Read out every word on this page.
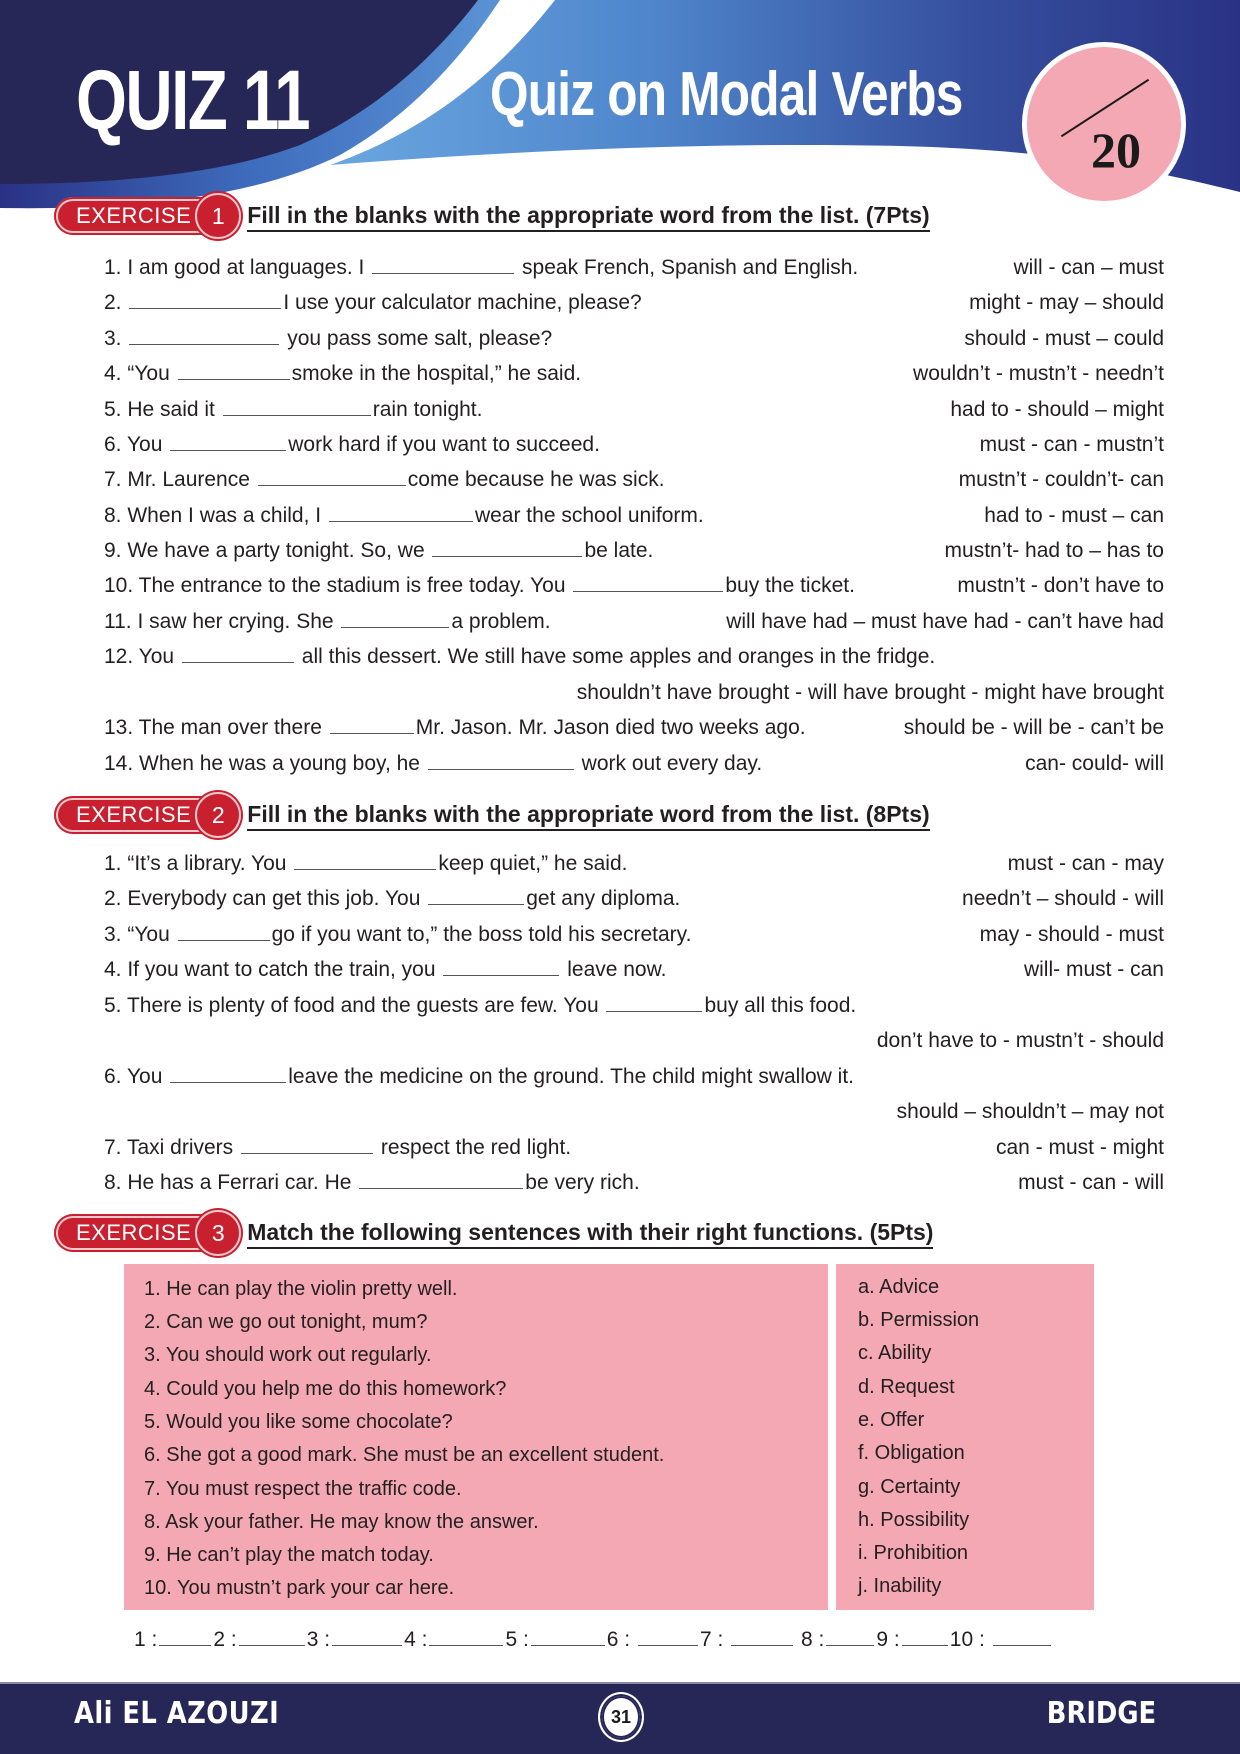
QUIZ 11	Quiz on Modal Verbs
20
EXERCISE 1 Fill in the blanks with the appropriate word from the list. (7Pts)
1. I am good at languages. I	speak French, Spanish and English.	will - can – must
2.	I use your calculator machine, please?	might - may – should
3.	you pass some salt, please?	should - must – could
4. “You	smoke in the hospital,” he said.	wouldn’t - mustn’t - needn’t
5. He said it	rain tonight.	had to - should – might
6. You	work hard if you want to succeed.	must - can - mustn’t
7. Mr. Laurence	come because he was sick.	mustn’t - couldn’t- can
8. When I was a child, I	wear the school uniform.	had to - must – can
9. We have a party tonight. So, we	be late.	mustn’t- had to – has to
10. The entrance to the stadium is free today. You	buy the ticket.	mustn’t - don’t have to
11. I saw her crying. She	a problem.	will have had – must have had - can’t have had
12. You	all this dessert. We still have some apples and oranges in the fridge.
shouldn’t have brought - will have brought - might have brought
13. The man over there	Mr. Jason. Mr. Jason died two weeks ago.	should be - will be - can’t be
14. When he was a young boy, he	work out every day.	can- could- will
EXERCISE 2 Fill in the blanks with the appropriate word from the list. (8Pts)
1. “It’s a library. You	keep quiet,” he said.	must - can - may
2. Everybody can get this job. You	get any diploma.	needn’t – should - will
3. “You	go if you want to,” the boss told his secretary.	may - should - must
4. If you want to catch the train, you	leave now.	will- must - can
5. There is plenty of food and the guests are few. You	buy all this food.
don’t have to - mustn’t - should
6. You	leave the medicine on the ground. The child might swallow it.
should – shouldn’t – may not
7. Taxi drivers	respect the red light.	can - must - might
8. He has a Ferrari car. He	be very rich.	must - can - will
EXERCISE 3 Match the following sentences with their right functions. (5Pts)
1. He can play the violin pretty well.
2. Can we go out tonight, mum?
3. You should work out regularly.
4. Could you help me do this homework?
5. Would you like some chocolate?
6. She got a good mark. She must be an excellent student.
7. You must respect the traffic code.
8. Ask your father. He may know the answer.
9. He can’t play the match today.
10. You mustn’t park your car here.
a. Advice
b. Permission
c. Ability
d. Request
e. Offer
f. Obligation
g. Certainty
h. Possibility
i. Prohibition
j. Inability
1 :	2 :	3 :	4 :	5 :	6 :
	7 :

	8 : 9 : 10 :

Ali EL AZOUZI	31	BRIDGE
